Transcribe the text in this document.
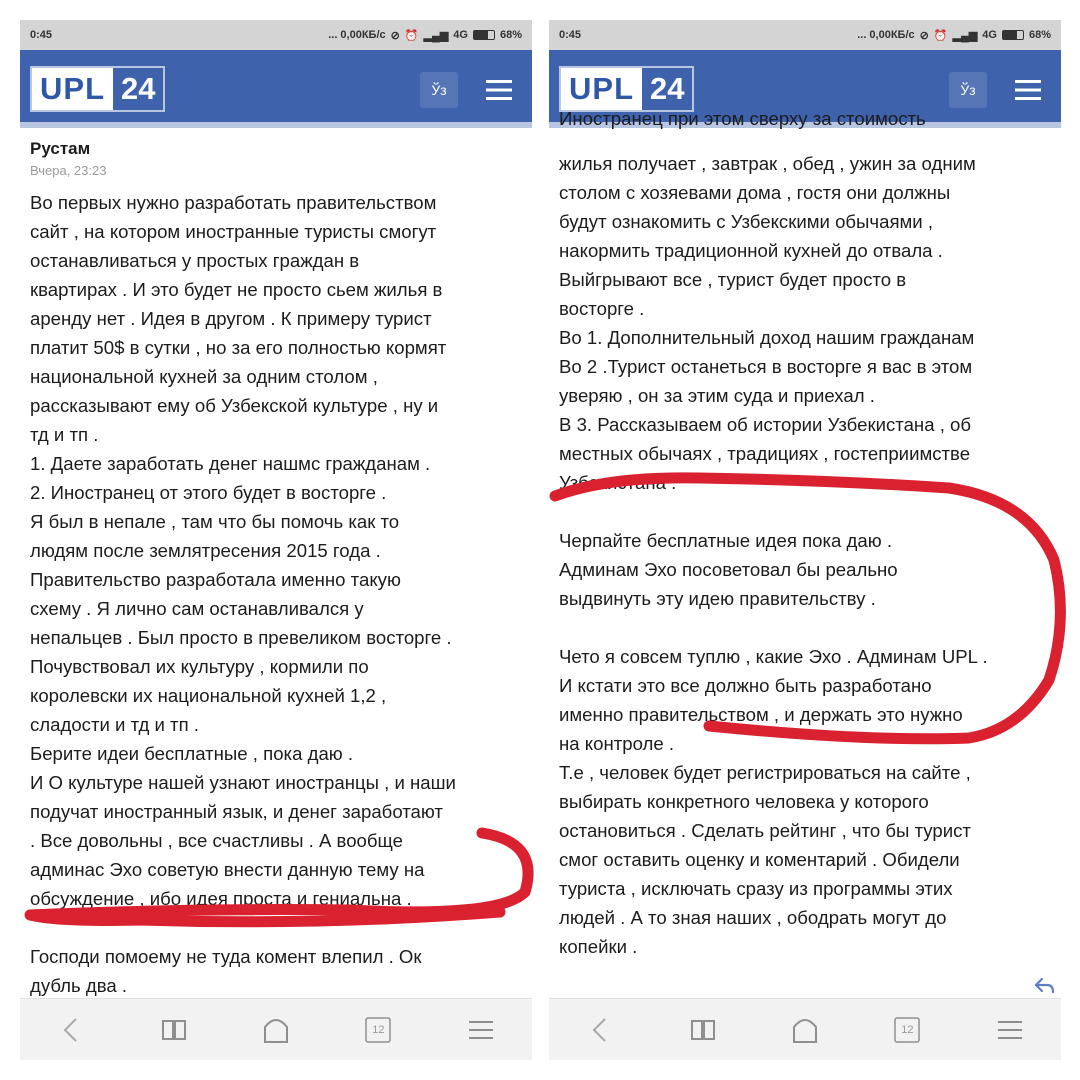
0:45	... 0,00КБ/с ⊘ ⏰ ▂▄▆ 4G	68%
UPL 24	Ўз
Рустам
Вчера, 23:23
Во первых нужно разработать правительством
сайт , на котором иностранные туристы смогут
останавливаться у простых граждан в
квартирах . И это будет не просто сьем жилья в
аренду нет . Идея в другом . К примеру турист
платит 50$ в сутки , но за его полностью кормят
национальной кухней за одним столом ,
рассказывают ему об Узбекской культуре , ну и
тд и тп .
1. Даете заработать денег нашмс гражданам .
2. Иностранец от этого будет в восторге .
Я был в непале , там что бы помочь как то
людям после землятресения 2015 года .
Правительство разработала именно такую
схему . Я лично сам останавливался у
непальцев . Был просто в превеликом восторге .
Почувствовал их культуру , кормили по
королевски их национальной кухней 1,2 ,
сладости и тд и тп .
Берите идеи бесплатные , пока даю .
И О культуре нашей узнают иностранцы , и наши
подучат иностранный язык, и денег заработают
. Все довольны , все счастливы . А вообще
админас Эхо советую внести данную тему на
обсуждение , ибо идея проста и гениальна .
Господи помоему не туда комент влепил . Ок
дубль два .
12
0:45	... 0,00КБ/с ⊘ ⏰ ▂▄▆ 4G	68%
UPL 24	Ўз
Иностранец при этом сверху за стоимость
жилья получает , завтрак , обед , ужин за одним
столом с хозяевами дома , гостя они должны
будут ознакомить с Узбекскими обычаями ,
накормить традиционной кухней до отвала .
Выйгрывают все , турист будет просто в
восторге .
Во 1. Дополнительный доход нашим гражданам
Во 2 .Турист останеться в восторге я вас в этом
уверяю , он за этим суда и приехал .
В 3. Рассказываем об истории Узбекистана , об
местных обычаях , традициях , гостеприимстве
Узбекистана .
Черпайте бесплатные идея пока даю .
Админам Эхо посоветовал бы реально
выдвинуть эту идею правительству .
Чето я совсем туплю , какие Эхо . Админам UPL .
И кстати это все должно быть разработано
именно правительством , и держать это нужно
на контроле .
Т.е , человек будет регистрироваться на сайте ,
выбирать конкретного человека у которого
остановиться . Сделать рейтинг , что бы турист
смог оставить оценку и коментарий . Обидели
туриста , исключать сразу из программы этих
людей . А то зная наших , ободрать могут до
копейки .
12
